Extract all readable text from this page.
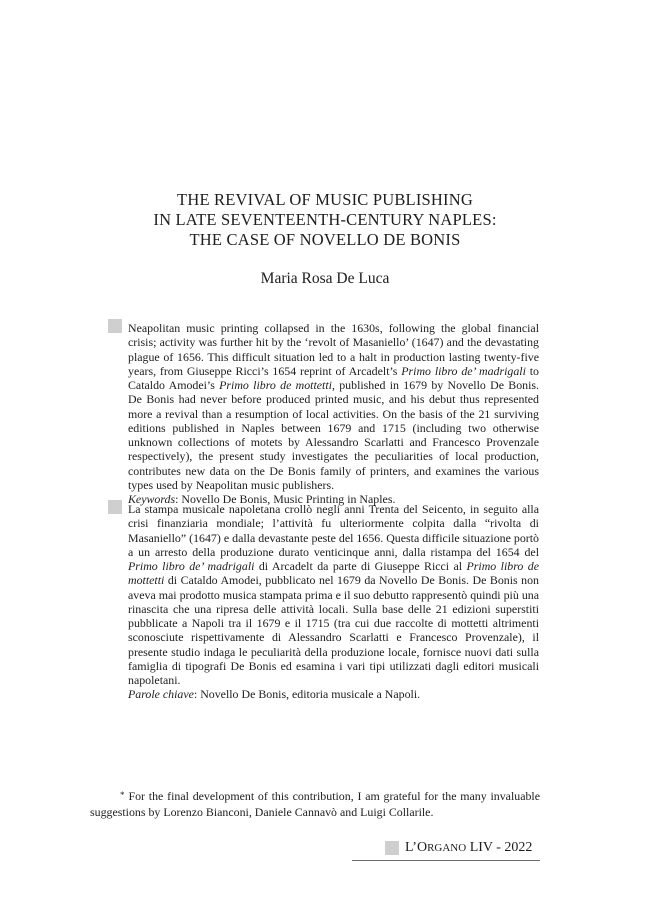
THE REVIVAL OF MUSIC PUBLISHING
IN LATE SEVENTEENTH-CENTURY NAPLES:
THE CASE OF NOVELLO DE BONIS
Maria Rosa De Luca

Neapolitan music printing collapsed in the 1630s, following the global financial crisis; activity was further hit by the ‘revolt of Masaniello’ (1647) and the devastating plague of 1656. This difficult situation led to a halt in production lasting twenty-five years, from Giuseppe Ricci’s 1654 reprint of Arcadelt’s Primo libro de’ madrigali to Cataldo Amodei’s Primo libro de mottetti, published in 1679 by Novello De Bonis. De Bonis had never before produced printed music, and his debut thus represented more a revival than a resumption of local activities. On the basis of the 21 surviving editions published in Naples between 1679 and 1715 (including two otherwise unknown collections of motets by Alessandro Scarlatti and Francesco Provenzale respectively), the present study investigates the peculiarities of local production, contributes new data on the De Bonis family of printers, and examines the various types used by Neapolitan music publishers.

Keywords: Novello De Bonis, Music Printing in Naples.

La stampa musicale napoletana crollò negli anni Trenta del Seicento, in seguito alla crisi finanziaria mondiale; l’attività fu ulteriormente colpita dalla “rivolta di Masaniello” (1647) e dalla devastante peste del 1656. Questa difficile situazione portò a un arresto della produzione durato venticinque anni, dalla ristampa del 1654 del Primo libro de’ madrigali di Arcadelt da parte di Giuseppe Ricci al Primo libro de mottetti di Cataldo Amodei, pubblicato nel 1679 da Novello De Bonis. De Bonis non aveva mai prodotto musica stampata prima e il suo debutto rappresentò quindi più una rinascita che una ripresa delle attività locali. Sulla base delle 21 edizioni superstiti pubblicate a Napoli tra il 1679 e il 1715 (tra cui due raccolte di mottetti altrimenti sconosciute rispettivamente di Alessandro Scarlatti e Francesco Provenzale), il presente studio indaga le peculiarità della produzione locale, fornisce nuovi dati sulla famiglia di tipografi De Bonis ed esamina i vari tipi utilizzati dagli editori musicali napoletani.

Parole chiave: Novello De Bonis, editoria musicale a Napoli.

* For the final development of this contribution, I am grateful for the many invaluable suggestions by Lorenzo Bianconi, Daniele Cannavò and Luigi Collarile.

L’ORGANO LIV - 2022
